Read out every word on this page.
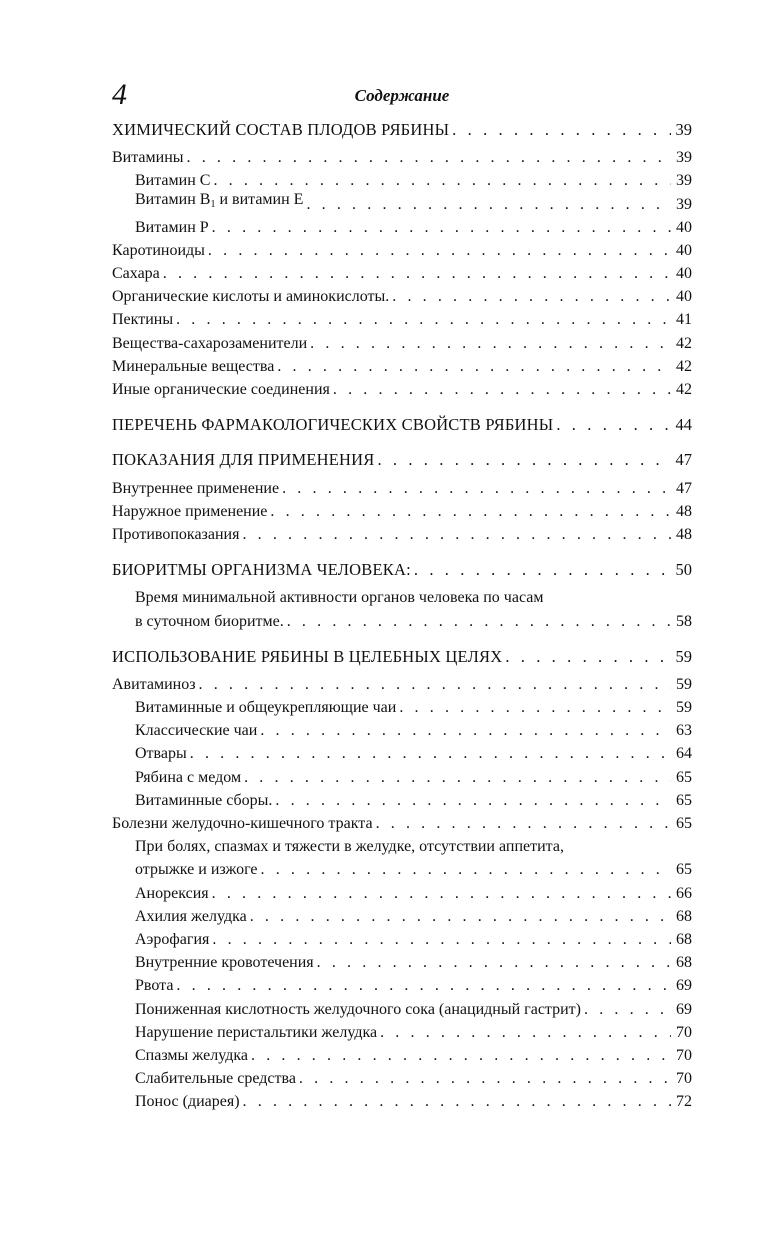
4	Содержание
ХИМИЧЕСКИЙ СОСТАВ ПЛОДОВ РЯБИНЫ . . .	39
Витамины . . .	39
Витамин С . . .	39
Витамин $В_1$ и витамин Е . . .	39
Витамин Р . . .	40
Каротиноиды . . .	40
Сахара . . .	40
Органические кислоты и аминокислоты. . . .	40
Пектины . . .	41
Вещества-сахарозаменители . . .	42
Минеральные вещества . . .	42
Иные органические соединения . . .	42
ПЕРЕЧЕНЬ ФАРМАКОЛОГИЧЕСКИХ СВОЙСТВ РЯБИНЫ . . .	44
ПОКАЗАНИЯ ДЛЯ ПРИМЕНЕНИЯ . . .	47
Внутреннее применение . . .	47
Наружное применение . . .	48
Противопоказания . . .	48
БИОРИТМЫ ОРГАНИЗМА ЧЕЛОВЕКА: . . .	50
Время минимальной активности органов человека по часам
в суточном биоритме. . . .	58
ИСПОЛЬЗОВАНИЕ РЯБИНЫ В ЦЕЛЕБНЫХ ЦЕЛЯХ . . .	59
Авитаминоз . . .	59
Витаминные и общеукрепляющие чаи . . .	59
Классические чаи . . .	63
Отвары . . .	64
Рябина с медом . . .	65
Витаминные сборы. . . .	65
Болезни желудочно-кишечного тракта . . .	65
При болях, спазмах и тяжести в желудке, отсутствии аппетита,
отрыжке и изжоге . . .	65
Анорексия . . .	66
Ахилия желудка . . .	68
Аэрофагия . . .	68
Внутренние кровотечения . . .	68
Рвота . . .	69
Пониженная кислотность желудочного сока (анацидный гастрит) . . .	69
Нарушение перистальтики желудка . . .	70
Спазмы желудка . . .	70
Слабительные средства . . .	70
Понос (диарея) . . .	72
